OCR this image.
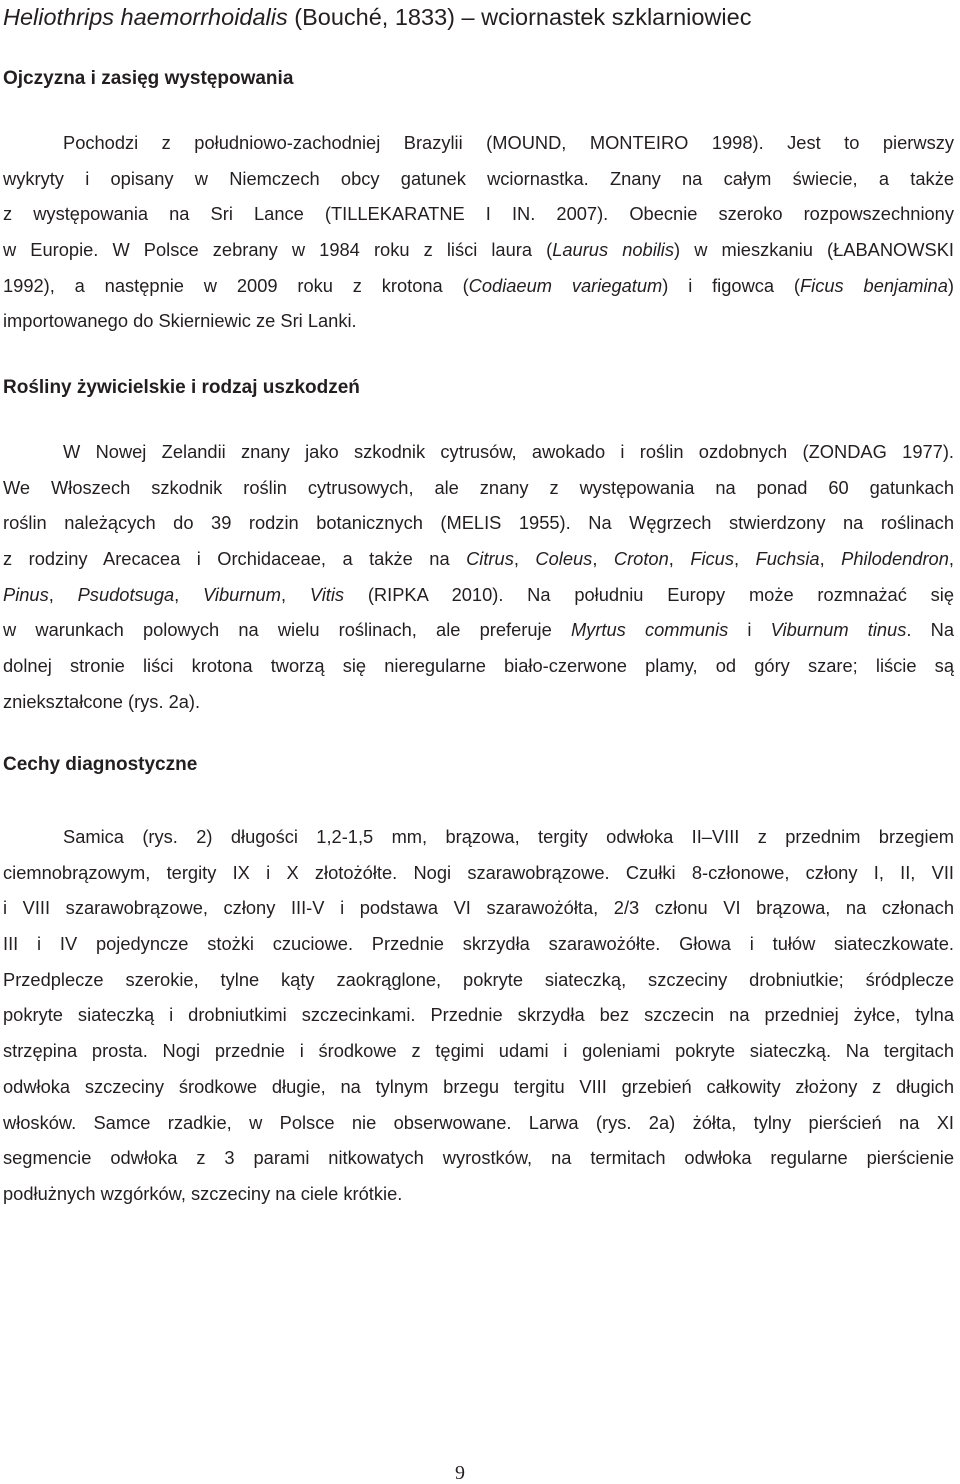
Heliothrips haemorrhoidalis (Bouché, 1833) – wciornastek szklarniowiec
Ojczyzna i zasięg występowania
Pochodzi z południowo-zachodniej Brazylii (MOUND, MONTEIRO 1998). Jest to pierwszy
wykryty i opisany w Niemczech obcy gatunek wciornastka. Znany na całym świecie, a także
z występowania na Sri Lance (TILLEKARATNE I IN. 2007). Obecnie szeroko rozpowszechniony
w Europie. W Polsce zebrany w 1984 roku z liści laura (Laurus nobilis) w mieszkaniu (ŁABANOWSKI
1992), a następnie w 2009 roku z krotona (Codiaeum variegatum) i figowca (Ficus benjamina)
importowanego do Skierniewic ze Sri Lanki.
Rośliny żywicielskie i rodzaj uszkodzeń
W Nowej Zelandii znany jako szkodnik cytrusów, awokado i roślin ozdobnych (ZONDAG 1977).
We Włoszech szkodnik roślin cytrusowych, ale znany z występowania na ponad 60 gatunkach
roślin należących do 39 rodzin botanicznych (MELIS 1955). Na Węgrzech stwierdzony na roślinach
z rodziny Arecacea i Orchidaceae, a także na Citrus, Coleus, Croton, Ficus, Fuchsia, Philodendron,
Pinus, Psudotsuga, Viburnum, Vitis (RIPKA 2010). Na południu Europy może rozmnażać się
w warunkach polowych na wielu roślinach, ale preferuje Myrtus communis i Viburnum tinus. Na
dolnej stronie liści krotona tworzą się nieregularne biało-czerwone plamy, od góry szare; liście są
zniekształcone (rys. 2a).
Cechy diagnostyczne
Samica (rys. 2) długości 1,2-1,5 mm, brązowa, tergity odwłoka II–VIII z przednim brzegiem
ciemnobrązowym, tergity IX i X złotożółte. Nogi szarawobrązowe. Czułki 8-członowe, człony I, II, VII
i VIII szarawobrązowe, człony III-V i podstawa VI szarawożółta, 2/3 członu VI brązowa, na członach
III i IV pojedyncze stożki czuciowe. Przednie skrzydła szarawożółte. Głowa i tułów siateczkowate.
Przedplecze szerokie, tylne kąty zaokrąglone, pokryte siateczką, szczeciny drobniutkie; śródplecze
pokryte siateczką i drobniutkimi szczecinkami. Przednie skrzydła bez szczecin na przedniej żyłce, tylna
strzępina prosta. Nogi przednie i środkowe z tęgimi udami i goleniami pokryte siateczką. Na tergitach
odwłoka szczeciny środkowe długie, na tylnym brzegu tergitu VIII grzebień całkowity złożony z długich
włosków. Samce rzadkie, w Polsce nie obserwowane. Larwa (rys. 2a) żółta, tylny pierścień na XI
segmencie odwłoka z 3 parami nitkowatych wyrostków, na termitach odwłoka regularne pierścienie
podłużnych wzgórków, szczeciny na ciele krótkie.
9
